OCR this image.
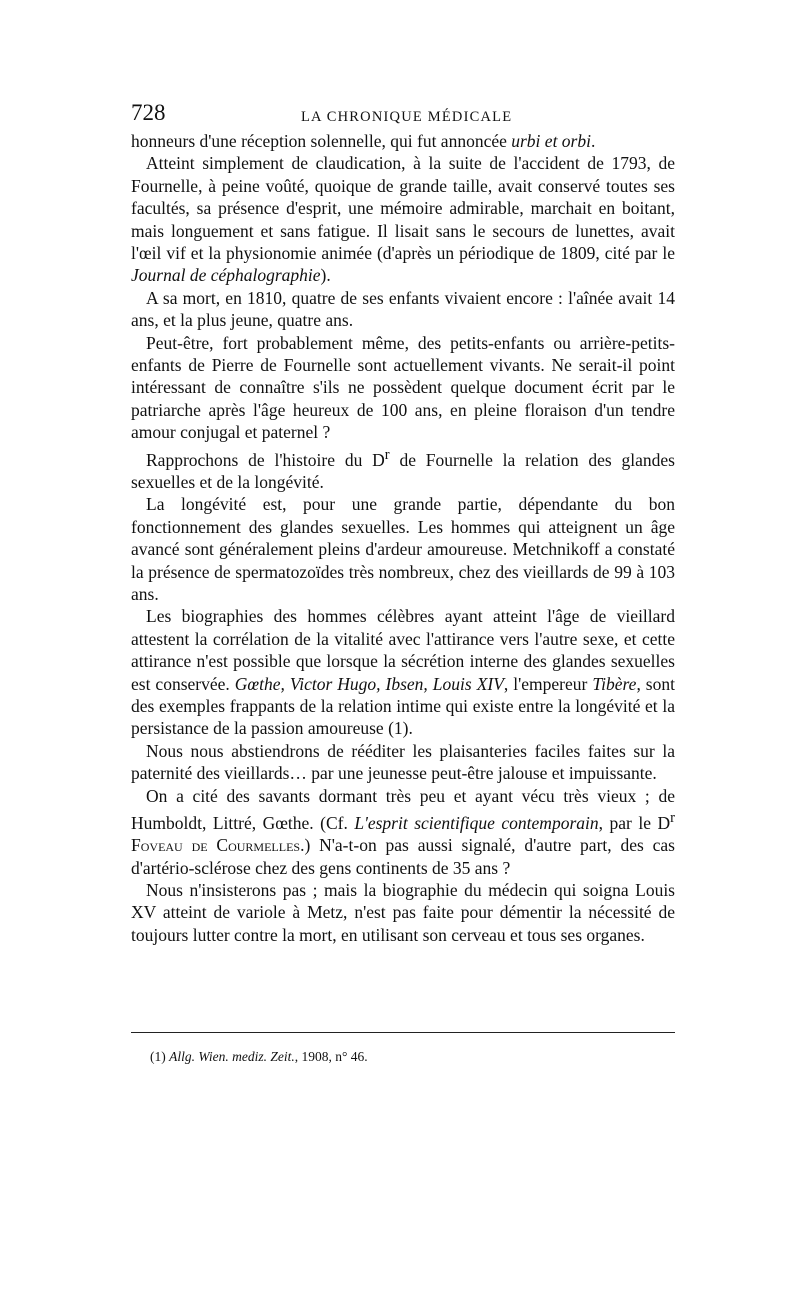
728	LA CHRONIQUE MÉDICALE

honneurs d'une réception solennelle, qui fut annoncée urbi et orbi.

Atteint simplement de claudication, à la suite de l'accident de 1793, de Fournelle, à peine voûté, quoique de grande taille, avait conservé toutes ses facultés, sa présence d'esprit, une mémoire admirable, marchait en boitant, mais longuement et sans fatigue. Il lisait sans le secours de lunettes, avait l'œil vif et la physionomie animée (d'après un périodique de 1809, cité par le Journal de céphalographie).

A sa mort, en 1810, quatre de ses enfants vivaient encore : l'aînée avait 14 ans, et la plus jeune, quatre ans.

Peut-être, fort probablement même, des petits-enfants ou arrière-petits-enfants de Pierre de Fournelle sont actuellement vivants. Ne serait-il point intéressant de connaître s'ils ne possèdent quelque document écrit par le patriarche après l'âge heureux de 100 ans, en pleine floraison d'un tendre amour conjugal et paternel ?

Rapprochons de l'histoire du $D^r$ de Fournelle la relation des glandes sexuelles et de la longévité.

La longévité est, pour une grande partie, dépendante du bon fonctionnement des glandes sexuelles. Les hommes qui atteignent un âge avancé sont généralement pleins d'ardeur amoureuse. Metchnikoff a constaté la présence de spermatozoïdes très nombreux, chez des vieillards de 99 à 103 ans.

Les biographies des hommes célèbres ayant atteint l'âge de vieillard attestent la corrélation de la vitalité avec l'attirance vers l'autre sexe, et cette attirance n'est possible que lorsque la sécrétion interne des glandes sexuelles est conservée. Gœthe, Victor Hugo, Ibsen, Louis XIV, l'empereur Tibère, sont des exemples frappants de la relation intime qui existe entre la longévité et la persistance de la passion amoureuse (1).

Nous nous abstiendrons de rééditer les plaisanteries faciles faites sur la paternité des vieillards… par une jeunesse peut-être jalouse et impuissante.

On a cité des savants dormant très peu et ayant vécu très vieux ; de Humboldt, Littré, Gœthe. (Cf. L'esprit scientifique contemporain, par le $D^r$ Foveau de Courmelles.) N'a-t-on pas aussi signalé, d'autre part, des cas d'artério-sclérose chez des gens continents de 35 ans ?

Nous n'insisterons pas ; mais la biographie du médecin qui soigna Louis XV atteint de variole à Metz, n'est pas faite pour démentir la nécessité de toujours lutter contre la mort, en utilisant son cerveau et tous ses organes.

(1) Allg. Wien. mediz. Zeit., 1908, n° 46.
